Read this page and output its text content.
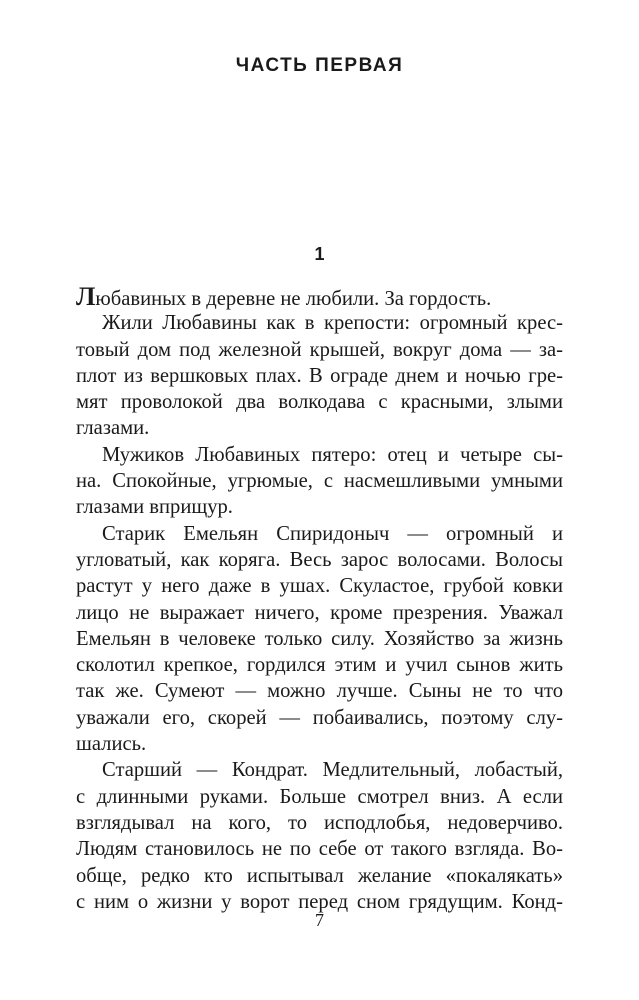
ЧАСТЬ ПЕРВАЯ
1
Любавиных в деревне не любили. За гордость.
Жили Любавины как в крепости: огромный крес-
товый дом под железной крышей, вокруг дома — за-
плот из вершковых плах. В ограде днем и ночью гре-
мят проволокой два волкодава с красными, злыми
глазами.
Мужиков Любавиных пятеро: отец и четыре сы-
на. Спокойные, угрюмые, с насмешливыми умными
глазами вприщур.
Старик Емельян Спиридоныч — огромный и
угловатый, как коряга. Весь зарос волосами. Волосы
растут у него даже в ушах. Скуластое, грубой ковки
лицо не выражает ничего, кроме презрения. Уважал
Емельян в человеке только силу. Хозяйство за жизнь
сколотил крепкое, гордился этим и учил сынов жить
так же. Сумеют — можно лучше. Сыны не то что
уважали его, скорей — побаивались, поэтому слу-
шались.
Старший — Кондрат. Медлительный, лобастый,
с длинными руками. Больше смотрел вниз. А если
взглядывал на кого, то исподлобья, недоверчиво.
Людям становилось не по себе от такого взгляда. Во-
обще, редко кто испытывал желание «покалякать»
с ним о жизни у ворот перед сном грядущим. Конд-

7
